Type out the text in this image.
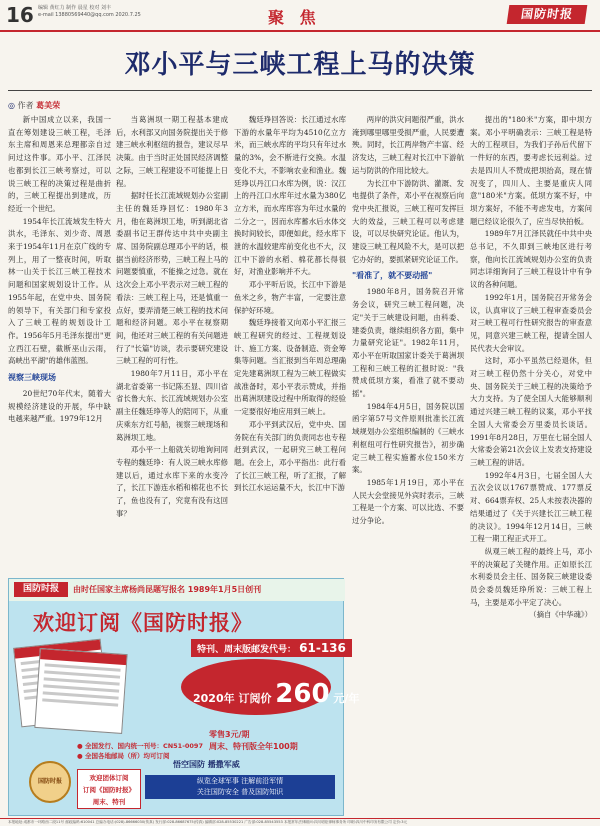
16 编辑 黄红力 制作 晨星 校对 刘丰
e-mail 13880569440@qq.com 2020.7.25	聚 焦	国防时报
邓小平与三峡工程上马的决策
◎ 作者 葛美荣

新中国成立以来，我国一直在筹划建设三峡工程，毛泽东主席和周恩来总理都亲自过问过这件事。邓小平、江泽民也都到长江三峡考察过，可以说三峡工程的决策过程是曲折的，三峡工程提出到建成，历经近一个世纪。

1954年长江流域发生特大洪水，毛泽东、刘少奇、周恩来于1954年11月在京广线的专列上，用了一整夜时间，听取林一山关于长江三峡工程技术问题和国家规划设计工作。从1955年起，在党中央、国务院的领导下，有关部门和专家投入了三峡工程的规划设计工作。1956年5月毛泽东提出"更立西江石壁，截断巫山云雨，高峡出平湖"的雄伟蓝图。

视察三峡现场

20世纪70年代末，随着大规模经济建设的开展，华中缺电越来越严重。1979年12月

当葛洲坝一期工程基本建成后，水利部又向国务院提出关于修建三峡水利枢纽的报告，建议尽早决策。由于当时正处国民经济调整之际，三峡工程建设不可能提上日程。

据时任长江流域规划办公室副主任的魏廷琤回忆：1980年3月，他在葛洲坝工地，听到湖北省委副书记王群传达中共中央副主席、国务院副总理邓小平的话，根据当前经济形势，三峡工程上马的问题要慎重，不能操之过急。就在这次会上邓小平表示对三峡工程的看法：三峡工程上马，还是慎重一点好，要弄清楚三峡工程的技术问题和经济问题。邓小平在视察期间，他还对三峡工程的有关问题进行了"长篇"访谈，表示要研究建设三峡工程的可行性。

1980年7月11日，邓小平在湖北省委第一书记陈丕显、四川省省长鲁大东、长江流域规划办公室副主任魏廷琤等人的陪同下，从重庆乘东方红号船，视察三峡现场和葛洲坝工地。

邓小平一上船就关切地询问同专程的魏廷琤：有人说三峡水库修建以后，通过水库下来的水变冷了，长江下游连水稻和棉花也不长了，鱼也没有了，究竟有没有这回事？

魏廷琤回答说：长江通过水库下游的水量年平均为4510亿立方米，而三峡水库的平均只有年过水量的3%，会不断进行交换。水温变化不大，不影响农业和渔业。魏廷琤以丹江口水库为例，说：汉江上的丹江口水库年过水量为380亿立方米，而水库库容为年过水量的二分之一，因而水库蓄水后水体交换时间较长，即便如此，经水库下泄的水温较建库前变化也不大，汉江中下游的水稻、棉花都长得很好，对渔业影响并不大。

邓小平听后说，长江中下游是鱼米之乡，物产丰富，一定要注意保护好环境。

魏廷琤接着又向邓小平汇报三峡工程研究的经过、工程规划设计、施工方案、设备制造、资金筹集等问题。当汇报到当年周总理确定先建葛洲坝工程为三峡工程做实战准备时，邓小平表示赞成，并指出葛洲坝建设过程中所取得的经验一定要很好地应用到三峡上。

邓小平到武汉后，党中央、国务院在有关部门的负责同志也专程赶到武汉，一起研究三峡工程问题。在会上，邓小平指出：此行看了长江三峡工程，听了汇报，了解到长江水运运量不大，长江中下游

两岸的洪灾问题很严重，洪水淹到哪里哪里受损严重，人民要遭殃。同时，长江两岸物产丰富、经济发达，三峡工程对长江中下游航运与防洪的作用比较大。

为长江中下游防洪、灌溉、发电提供了条件，邓小平在视察后向党中央汇报说，三峡工程可发挥巨大的效益，三峡工程可以考虑建设，可以尽快研究论证。他认为，建设三峡工程风险不大，是可以把它办好的，要抓紧研究论证工作。

"看准了，就不要动摇"

1980年8月，国务院召开常务会议，研究三峡工程问题，决定"关于三峡建设问题，由科委、建委负责，继续组织各方面，集中力量研究论证"。1982年11月，邓小平在听取国家计委关于葛洲坝工程和三峡工程的汇报时说："我赞成低坝方案，看准了就不要动摇"。

1984年4月5日，国务院以国函字第57号文件原则批准长江流域规划办公室组织编制的《三峡水利枢纽可行性研究报告》，初步确定三峡工程实施蓄水位150米方案。

1985年1月19日，邓小平在人民大会堂接见外宾时表示，三峡工程是一个方案、可以比选、不要过分争论。

提出的"180米"方案，即中坝方案。邓小平明确表示：三峡工程是特大的工程项目，为我们子孙后代留下一件好的东西，要考虑长远利益。过去是四川人不赞成把坝抬高，现在情况变了，四川人、主要是重庆人同意"180米"方案。低坝方案不好，中坝方案好，不能不考虑发电，方案问题已经议论很久了，应当尽快拍板。

1989年7月江泽民就任中共中央总书记，不久即到三峡地区进行考察，他向长江流域规划办公室的负责同志详细询问了三峡工程设计中有争议的各种问题。

1992年1月，国务院召开常务会议，认真审议了三峡工程审查委员会对三峡工程可行性研究报告的审查意见，同意兴建三峡工程，提请全国人民代表大会审议。

这时，邓小平虽然已经退休，但对三峡工程仍然十分关心，对党中央、国务院关于三峡工程的决策给予大力支持。为了使全国人大能够顺利通过兴建三峡工程的议案，邓小平找全国人大常委会万里委员长谈话。1991年8月28日，万里在七届全国人大常委会第21次会议上发表支持建设三峡工程的讲话。

1992年4月3日，七届全国人大五次会议以1767票赞成、177票反对、664票弃权、25人未按表决器的结果通过了《关于兴建长江三峡工程的决议》。1994年12月14日，三峡工程一期工程正式开工。

纵观三峡工程的最终上马，邓小平的决策起了关键作用。正如原长江水利委员会主任、国务院三峡建设委员会委员魏廷琤所说：三峡工程上马，主要是邓小平定了决心。

（摘自《中华魂》）

国防时报	由时任国家主席杨尚昆题写报名 1989年1月5日创刊
欢迎订阅《国防时报》
特刊、周末版邮发代号： 61-136
2020年 订阅价 260 元/年
零售3元/期
周末、特刊版全年100期
● 全国发行、国内统一刊号：CN51-0097
● 全国各地邮局（所）均可订阅
国防时报	欢迎团体订阅
订阅《国防时报》
周末、特刊
悟空国防 播撒军威
纵览全球军事 注解前沿军情
关注国防安全 普及国防知识
本报地址:成都市一环路西二段11号 邮政编码:610041 总编办电话:(028)-86666030(传真) 发行部:028-86687675(传真) 编辑部:028-85530221 广告部:028-85543553 本报常年法律顾问:四川明炬律师事务所 印刷:四川中科印务有限公司 定价:3元
